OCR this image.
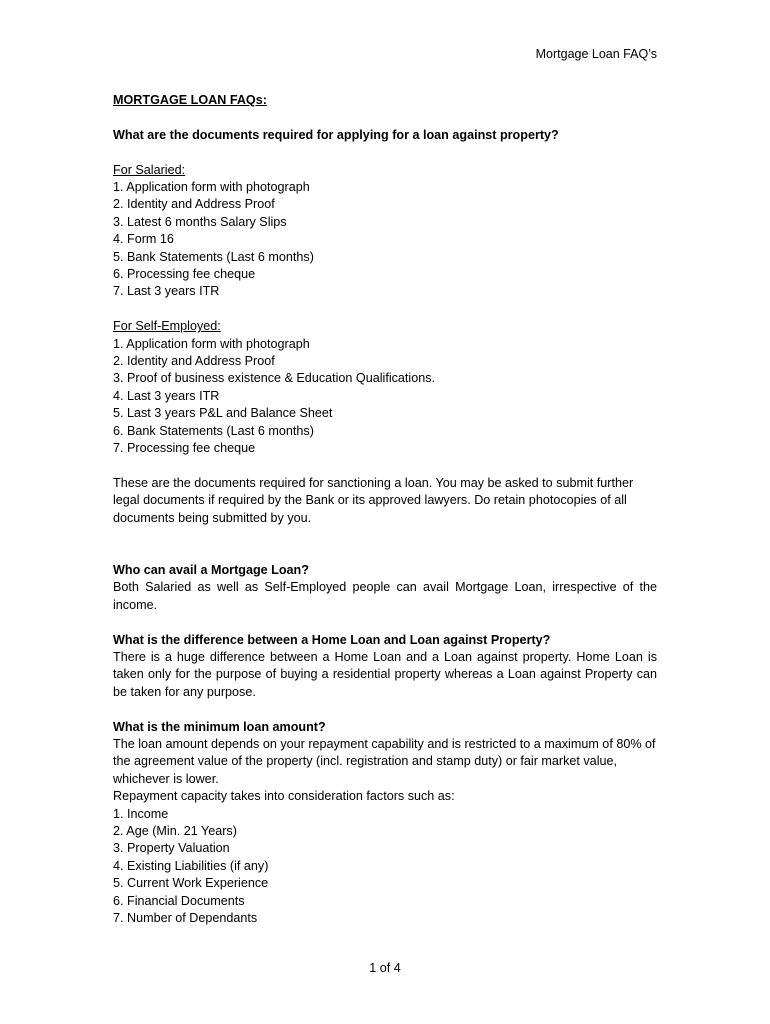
Mortgage Loan FAQ’s

MORTGAGE LOAN FAQs:

What are the documents required for applying for a loan against property?

For Salaried:

1. Application form with photograph
2. Identity and Address Proof
3. Latest 6 months Salary Slips
4. Form 16
5. Bank Statements (Last 6 months)
6. Processing fee cheque
7. Last 3 years ITR

For Self-Employed:

1. Application form with photograph
2. Identity and Address Proof
3. Proof of business existence & Education Qualifications.
4. Last 3 years ITR
5. Last 3 years P&L and Balance Sheet
6. Bank Statements (Last 6 months)
7. Processing fee cheque

These are the documents required for sanctioning a loan. You may be asked to submit further legal documents if required by the Bank or its approved lawyers. Do retain photocopies of all documents being submitted by you.

Who can avail a Mortgage Loan?

Both Salaried as well as Self-Employed people can avail Mortgage Loan, irrespective of the income.

What is the difference between a Home Loan and Loan against Property?

There is a huge difference between a Home Loan and a Loan against property. Home Loan is taken only for the purpose of buying a residential property whereas a Loan against Property can be taken for any purpose.

What is the minimum loan amount?

The loan amount depends on your repayment capability and is restricted to a maximum of 80% of the agreement value of the property (incl. registration and stamp duty) or fair market value, whichever is lower.

Repayment capacity takes into consideration factors such as:

1. Income
2. Age (Min. 21 Years)
3. Property Valuation
4. Existing Liabilities (if any)
5. Current Work Experience
6. Financial Documents
7. Number of Dependants
1 of 4
